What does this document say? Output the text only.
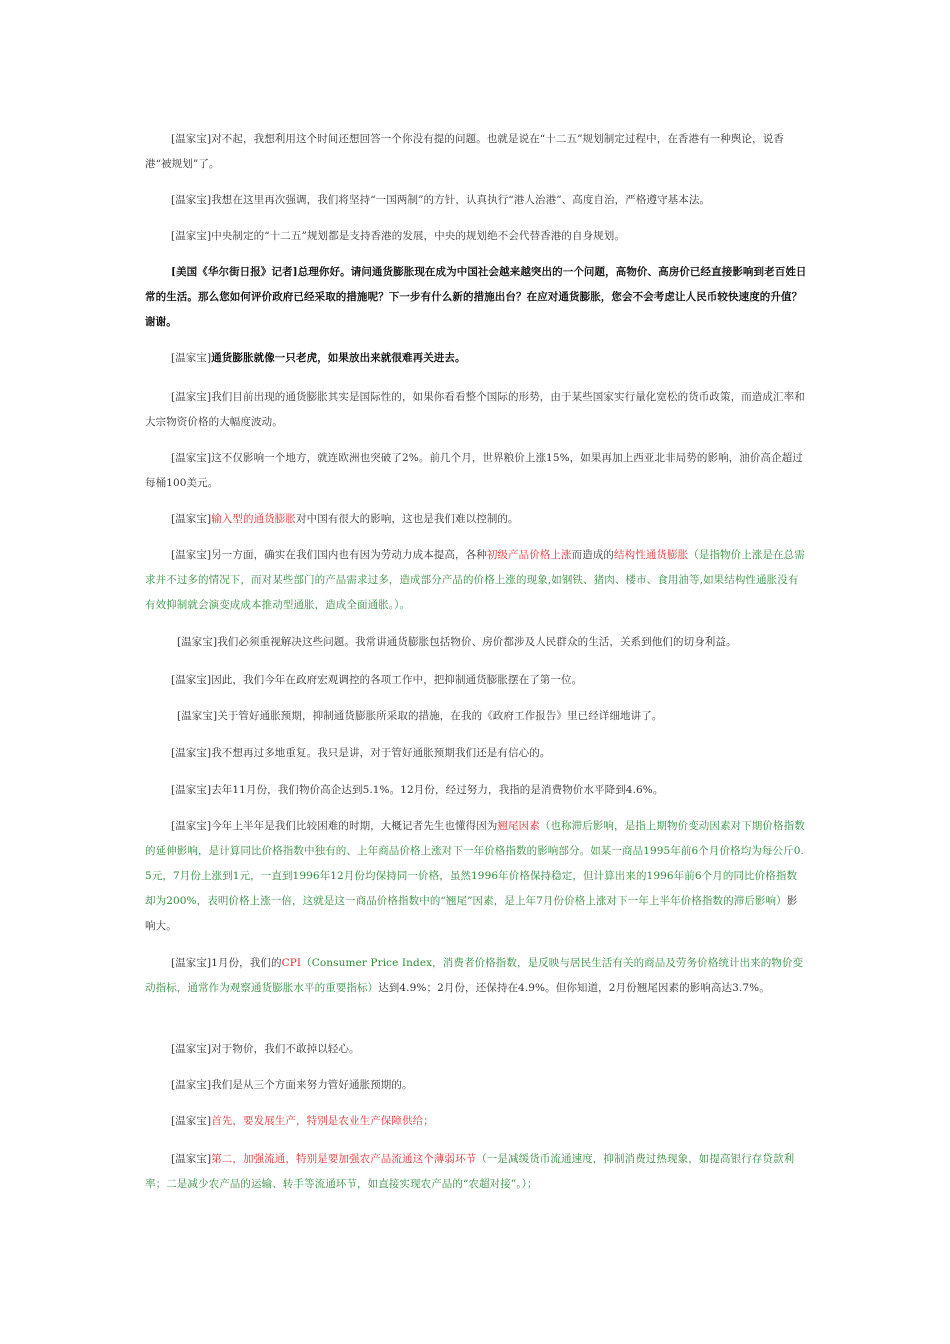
[温家宝]对不起，我想利用这个时间还想回答一个你没有提的问题。也就是说在“十二五”规划制定过程中，在香港有一种舆论，说香港“被规划”了。

[温家宝]我想在这里再次强调，我们将坚持“一国两制”的方针，认真执行“港人治港”、高度自治，严格遵守基本法。

[温家宝]中央制定的“十二五”规划都是支持香港的发展，中央的规划绝不会代替香港的自身规划。

[美国《华尔街日报》记者]总理你好。请问通货膨胀现在成为中国社会越来越突出的一个问题，高物价、高房价已经直接影响到老百姓日常的生活。那么您如何评价政府已经采取的措施呢？下一步有什么新的措施出台？在应对通货膨胀，您会不会考虑让人民币较快速度的升值？谢谢。

[温家宝]通货膨胀就像一只老虎，如果放出来就很难再关进去。

[温家宝]我们目前出现的通货膨胀其实是国际性的，如果你看看整个国际的形势，由于某些国家实行量化宽松的货币政策，而造成汇率和大宗物资价格的大幅度波动。

[温家宝]这不仅影响一个地方，就连欧洲也突破了2%。前几个月，世界粮价上涨15%，如果再加上西亚北非局势的影响，油价高企超过每桶100美元。

[温家宝]输入型的通货膨胀对中国有很大的影响，这也是我们难以控制的。

[温家宝]另一方面，确实在我们国内也有因为劳动力成本提高，各种初级产品价格上涨而造成的结构性通货膨胀（是指物价上涨是在总需求并不过多的情况下，而对某些部门的产品需求过多，造成部分产品的价格上涨的现象,如钢铁、猪肉、楼市、食用油等,如果结构性通胀没有有效抑制就会演变成成本推动型通胀，造成全面通胀。）。

[温家宝]我们必须重视解决这些问题。我常讲通货膨胀包括物价、房价都涉及人民群众的生活，关系到他们的切身利益。

[温家宝]因此，我们今年在政府宏观调控的各项工作中，把抑制通货膨胀摆在了第一位。

[温家宝]关于管好通胀预期，抑制通货膨胀所采取的措施，在我的《政府工作报告》里已经详细地讲了。

[温家宝]我不想再过多地重复。我只是讲，对于管好通胀预期我们还是有信心的。

[温家宝]去年11月份，我们物价高企达到5.1%。12月份，经过努力，我指的是消费物价水平降到4.6%。

[温家宝]今年上半年是我们比较困难的时期，大概记者先生也懂得因为翘尾因素（也称滞后影响，是指上期物价变动因素对下期价格指数的延伸影响，是计算同比价格指数中独有的、上年商品价格上涨对下一年价格指数的影响部分。如某一商品1995年前6个月价格均为每公斤0.5元，7月份上涨到1元，一直到1996年12月份均保持同一价格，虽然1996年价格保持稳定，但计算出来的1996年前6个月的同比价格指数却为200%，表明价格上涨一倍，这就是这一商品价格指数中的“翘尾”因素，是上年7月份价格上涨对下一年上半年价格指数的滞后影响）影响大。

[温家宝]1月份，我们的CPI（Consumer Price Index，消费者价格指数，是反映与居民生活有关的商品及劳务价格统计出来的物价变动指标，通常作为观察通货膨胀水平的重要指标）达到4.9%；2月份，还保持在4.9%。但你知道，2月份翘尾因素的影响高达3.7%。

[温家宝]对于物价，我们不敢掉以轻心。

[温家宝]我们是从三个方面来努力管好通胀预期的。

[温家宝]首先，要发展生产，特别是农业生产保障供给；

[温家宝]第二，加强流通，特别是要加强农产品流通这个薄弱环节（一是减缓货币流通速度，抑制消费过热现象，如提高银行存贷款利率；二是减少农产品的运输、转手等流通环节，如直接实现农产品的“农超对接”。）；
